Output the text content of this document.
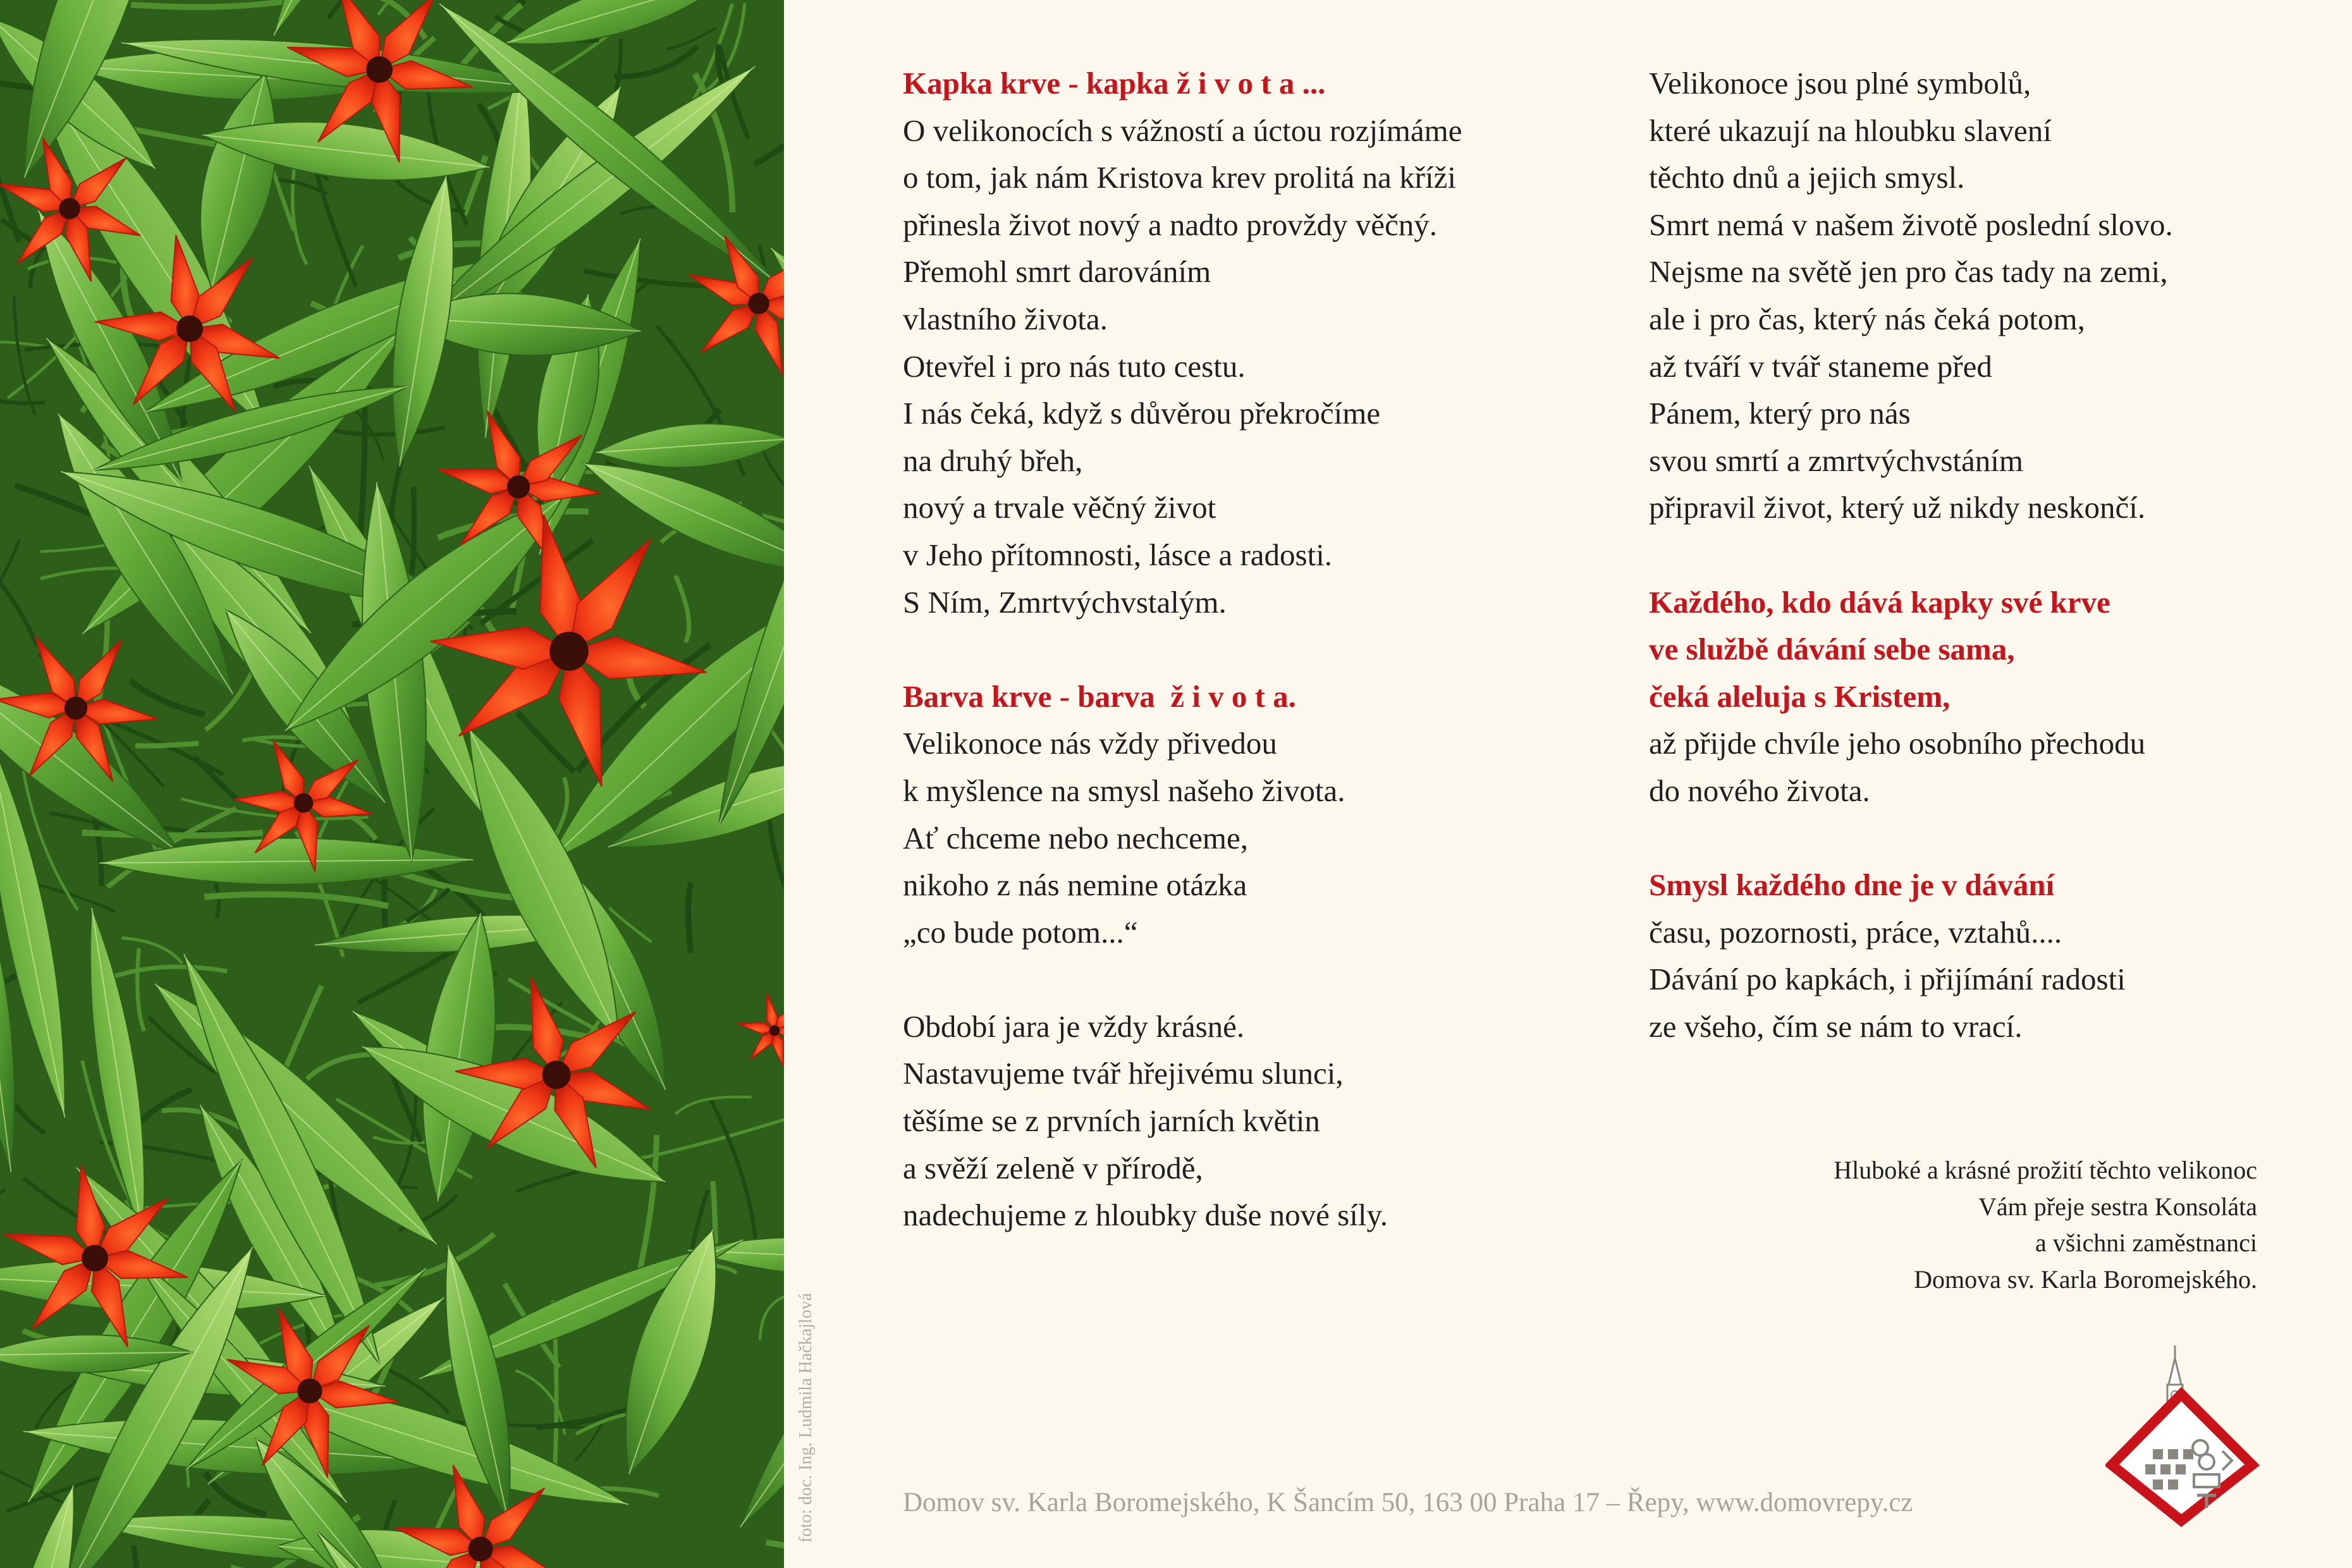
foto: doc. Ing. Ludmila Hačkajlová
Kapka krve - kapka ž i v o t a ...
O velikonocích s vážností a úctou rozjímáme
o tom, jak nám Kristova krev prolitá na kříži
přinesla život nový a nadto provždy věčný.
Přemohl smrt darováním
vlastního života.
Otevřel i pro nás tuto cestu.
I nás čeká, když s důvěrou překročíme
na druhý břeh,
nový a trvale věčný život
v Jeho přítomnosti, lásce a radosti.
S Ním, Zmrtvýchvstalým.
Barva krve - barva  ž i v o t a.
Velikonoce nás vždy přivedou
k myšlence na smysl našeho života.
Ať chceme nebo nechceme,
nikoho z nás nemine otázka
„co bude potom...“
Období jara je vždy krásné.
Nastavujeme tvář hřejivému slunci,
těšíme se z prvních jarních květin
a svěží zeleně v přírodě,
nadechujeme z hloubky duše nové síly.
Velikonoce jsou plné symbolů,
které ukazují na hloubku slavení
těchto dnů a jejich smysl.
Smrt nemá v našem životě poslední slovo.
Nejsme na světě jen pro čas tady na zemi,
ale i pro čas, který nás čeká potom,
až tváří v tvář staneme před
Pánem, který pro nás
svou smrtí a zmrtvýchvstáním
připravil život, který už nikdy neskončí.
Každého, kdo dává kapky své krve
ve službě dávání sebe sama,
čeká aleluja s Kristem,
až přijde chvíle jeho osobního přechodu
do nového života.
Smysl každého dne je v dávání
času, pozornosti, práce, vztahů....
Dávání po kapkách, i přijímání radosti
ze všeho, čím se nám to vrací.
Hluboké a krásné prožití těchto velikonoc
Vám přeje sestra Konsoláta
a všichni zaměstnanci
Domova sv. Karla Boromejského.
Domov sv. Karla Boromejského, K Šancím 50, 163 00 Praha 17 – Řepy, www.domovrepy.cz
